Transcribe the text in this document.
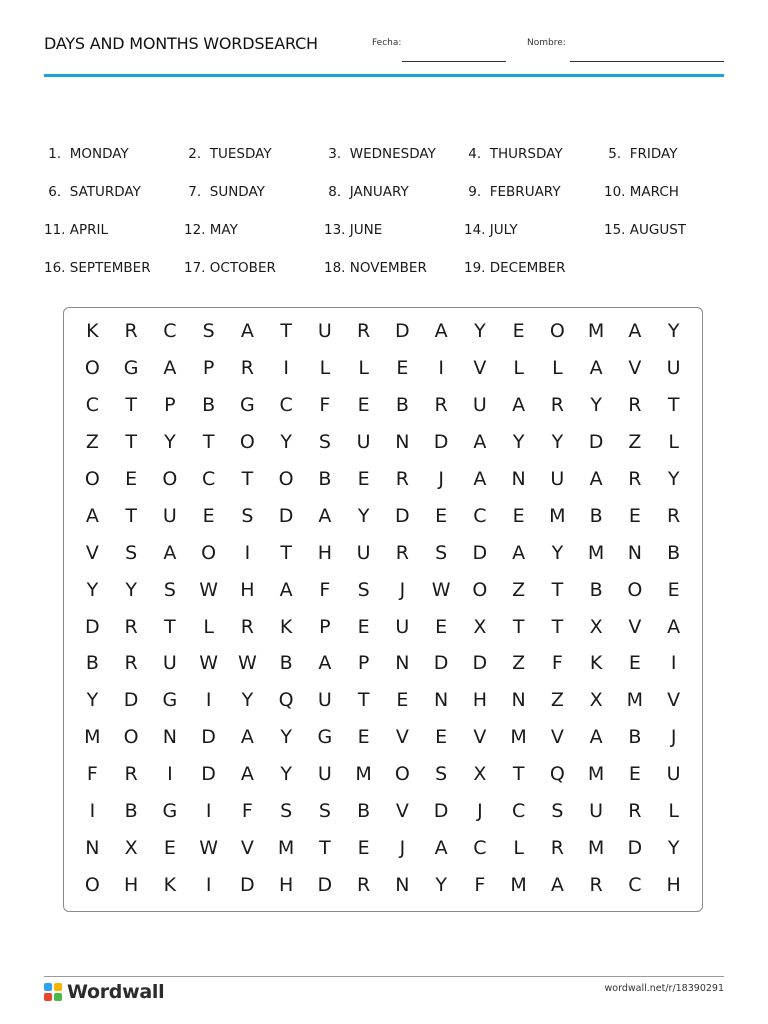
DAYS AND MONTHS WORDSEARCH	Fecha:	Nombre:
1.  MONDAY	2.  TUESDAY	3.  WEDNESDAY 4.  THURSDAY	5.  FRIDAY
6.  SATURDAY	7.  SUNDAY	8.  JANUARY	9.  FEBRUARY	10. MARCH
11. APRIL	12. MAY	13. JUNE	14. JULY	15. AUGUST
16. SEPTEMBER 17. OCTOBER	18. NOVEMBER	19. DECEMBER
K	R	C	S	A	T	U	R	D	A	Y	E	O	M	A	Y
O	G	A	P	R	I	L	L	E	I	V	L	L	A	V	U
C	T	P	B	G	C	F	E	B	R	U	A	R	Y	R	T
Z	T	Y	T	O	Y	S	U	N	D	A	Y	Y	D	Z	L
O	E	O	C	T	O	B	E	R	J	A	N	U	A	R	Y
A	T	U	E	S	D	A	Y	D	E	C	E	M	B	E	R
V	S	A	O	I	T	H	U	R	S	D	A	Y	M	N	B
Y	Y	S	W	H	A	F	S	J	W	O	Z	T	B	O	E
D	R	T	L	R	K	P	E	U	E	X	T	T	X	V	A
B	R	U	W	W	B	A	P	N	D	D	Z	F	K	E	I
Y	D	G	I	Y	Q	U	T	E	N	H	N	Z	X	M	V
M	O	N	D	A	Y	G	E	V	E	V	M	V	A	B	J
F	R	I	D	A	Y	U	M	O	S	X	T	Q	M	E	U
I	B	G	I	F	S	S	B	V	D	J	C	S	U	R	L
N	X	E	W	V	M	T	E	J	A	C	L	R	M	D	Y
O	H	K	I	D	H	D	R	N	Y	F	M	A	R	C	H
Wordwall	wordwall.net/r/18390291
